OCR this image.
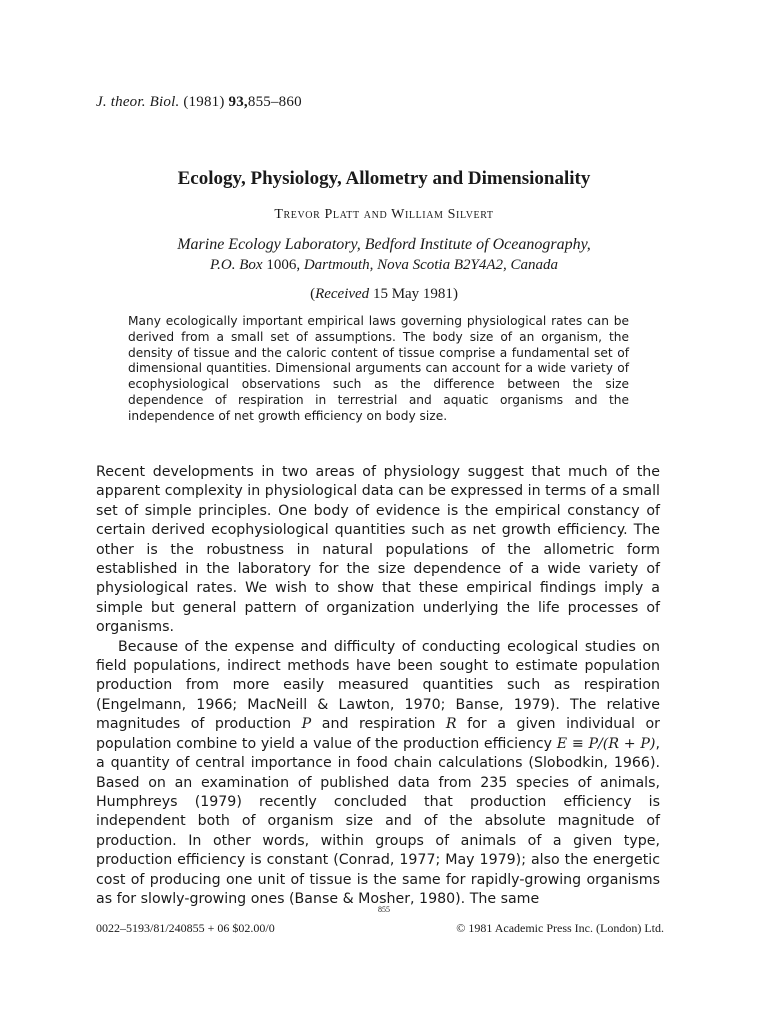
J. theor. Biol. (1981) 93,855–860
Ecology, Physiology, Allometry and Dimensionality
Trevor Platt and William Silvert
Marine Ecology Laboratory, Bedford Institute of Oceanography,
P.O. Box 1006, Dartmouth, Nova Scotia B2Y4A2, Canada
(Received 15 May 1981)
Many ecologically important empirical laws governing physiological rates can be derived from a small set of assumptions. The body size of an organism, the density of tissue and the caloric content of tissue comprise a fundamental set of dimensional quantities. Dimensional arguments can account for a wide variety of ecophysiological observations such as the difference between the size dependence of respiration in terrestrial and aquatic organisms and the independence of net growth efficiency on body size.

Recent developments in two areas of physiology suggest that much of the apparent complexity in physiological data can be expressed in terms of a small set of simple principles. One body of evidence is the empirical constancy of certain derived ecophysiological quantities such as net growth efficiency. The other is the robustness in natural populations of the allometric form established in the laboratory for the size dependence of a wide variety of physiological rates. We wish to show that these empirical findings imply a simple but general pattern of organization underlying the life processes of organisms.

Because of the expense and difficulty of conducting ecological studies on field populations, indirect methods have been sought to estimate population production from more easily measured quantities such as respiration (Engelmann, 1966; MacNeill & Lawton, 1970; Banse, 1979). The relative magnitudes of production P and respiration R for a given individual or population combine to yield a value of the production efficiency E ≡ P/(R + P), a quantity of central importance in food chain calculations (Slobodkin, 1966). Based on an examination of published data from 235 species of animals, Humphreys (1979) recently concluded that production efficiency is independent both of organism size and of the absolute magnitude of production. In other words, within groups of animals of a given type, production efficiency is constant (Conrad, 1977; May 1979); also the energetic cost of producing one unit of tissue is the same for rapidly-growing organisms as for slowly-growing ones (Banse & Mosher, 1980). The same

855
0022–5193/81/240855 + 06 $02.00/0	© 1981 Academic Press Inc. (London) Ltd.
